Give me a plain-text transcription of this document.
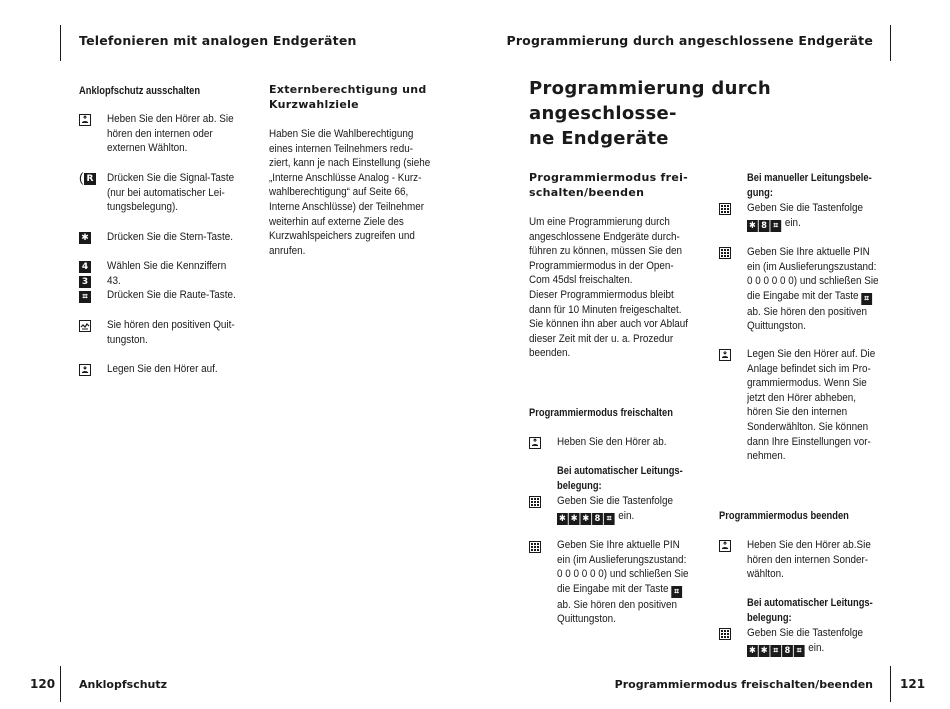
Telefonieren mit analogen Endgeräten	Programmierung durch angeschlossene Endgeräte
120 Anklopfschutz	Programmiermodus freischalten/beenden 121
Anklopfschutz ausschalten
Heben Sie den Hörer ab. Sie
hören den internen oder
externen Wählton.
( R Drücken Sie die Signal-Taste
(nur bei automatischer Lei-
tungsbelegung).
✱ Drücken Sie die Stern-Taste.
4 Wählen Sie die Kennziffern
43.
3
⌗	Drücken Sie die Raute-Taste.
Sie hören den positiven Quit-
tungston.
Legen Sie den Hörer auf.
Externberechtigung und
Kurzwahlziele
Haben Sie die Wahlberechtigung
eines internen Teilnehmers redu-
ziert, kann je nach Einstellung (siehe
„Interne Anschlüsse Analog - Kurz-
wahlberechtigung“ auf Seite 66,
Interne Anschlüsse) der Teilnehmer
weiterhin auf externe Ziele des
Kurzwahlspeichers zugreifen und
anrufen.
Programmierung durch angeschlosse-
ne Endgeräte
Programmiermodus frei-
schalten/beenden
Um eine Programmierung durch
angeschlossene Endgeräte durch-
führen zu können, müssen Sie den
Programmiermodus in der Open-
Com 45dsl freischalten.
Dieser Programmiermodus bleibt
dann für 10 Minuten freigeschaltet.
Sie können ihn aber auch vor Ablauf
dieser Zeit mit der u. a. Prozedur
beenden.
Programmiermodus freischalten
Heben Sie den Hörer ab.
Bei automatischer Leitungs-
belegung:
Geben Sie die Tastenfolge
✱ ✱ ✱ 8 ⌗ ein.
Geben Sie Ihre aktuelle PIN
ein (im Auslieferungszustand:
0 0 0 0 0 0) und schließen Sie
die Eingabe mit der Taste ⌗
ab. Sie hören den positiven
Quittungston.
Bei manueller Leitungsbele-
gung:
Geben Sie die Tastenfolge
✱ 8 ⌗ ein.
Geben Sie Ihre aktuelle PIN
ein (im Auslieferungszustand:
0 0 0 0 0 0) und schließen Sie
die Eingabe mit der Taste ⌗
ab. Sie hören den positiven
Quittungston.
Legen Sie den Hörer auf. Die
Anlage befindet sich im Pro-
grammiermodus. Wenn Sie
jetzt den Hörer abheben,
hören Sie den internen
Sonderwählton. Sie können
dann Ihre Einstellungen vor-
nehmen.
Programmiermodus beenden
Heben Sie den Hörer ab.Sie
hören den internen Sonder-
wählton.
Bei automatischer Leitungs-
belegung:
Geben Sie die Tastenfolge
✱ ✱ ⌗ 8 ⌗ ein.
